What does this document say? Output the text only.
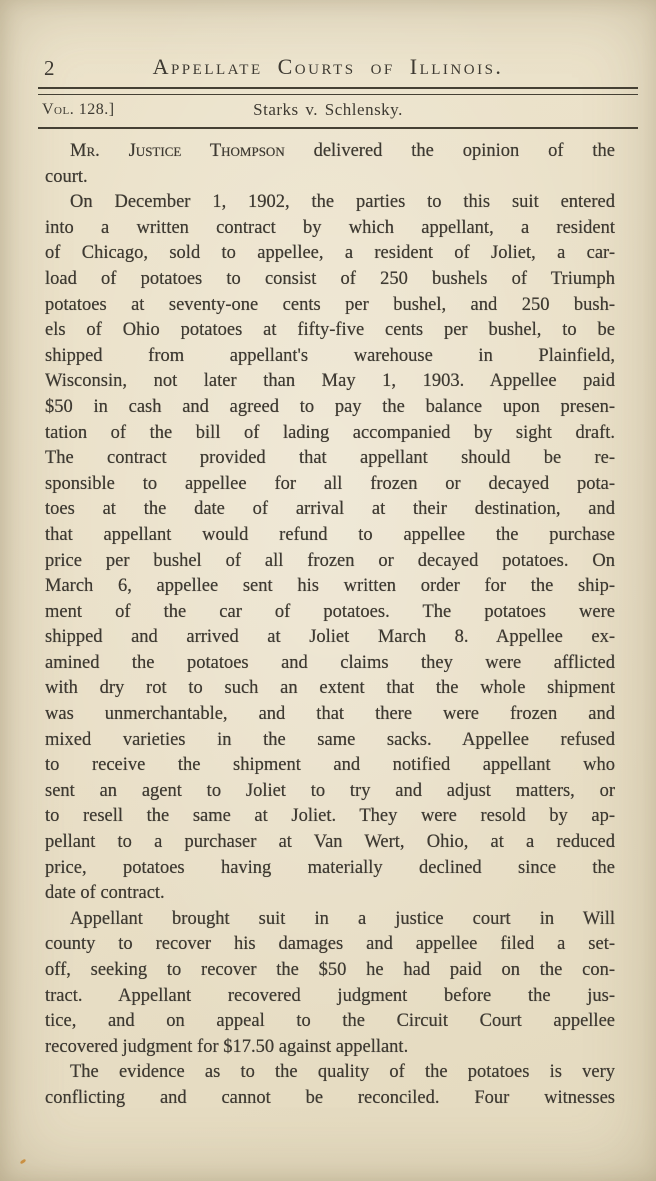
2	Appellate Courts of Illinois.
Vol. 128.]	Starks v. Schlensky.
Mr. Justice Thompson delivered the opinion of the
court.
On December 1, 1902, the parties to this suit entered
into a written contract by which appellant, a resident
of Chicago, sold to appellee, a resident of Joliet, a car-
load of potatoes to consist of 250 bushels of Triumph
potatoes at seventy-one cents per bushel, and 250 bush-
els of Ohio potatoes at fifty-five cents per bushel, to be
shipped from appellant's warehouse in Plainfield,
Wisconsin, not later than May 1, 1903. Appellee paid
$50 in cash and agreed to pay the balance upon presen-
tation of the bill of lading accompanied by sight draft.
The contract provided that appellant should be re-
sponsible to appellee for all frozen or decayed pota-
toes at the date of arrival at their destination, and
that appellant would refund to appellee the purchase
price per bushel of all frozen or decayed potatoes. On
March 6, appellee sent his written order for the ship-
ment of the car of potatoes. The potatoes were
shipped and arrived at Joliet March 8. Appellee ex-
amined the potatoes and claims they were afflicted
with dry rot to such an extent that the whole shipment
was unmerchantable, and that there were frozen and
mixed varieties in the same sacks. Appellee refused
to receive the shipment and notified appellant who
sent an agent to Joliet to try and adjust matters, or
to resell the same at Joliet. They were resold by ap-
pellant to a purchaser at Van Wert, Ohio, at a reduced
price, potatoes having materially declined since the
date of contract.
Appellant brought suit in a justice court in Will
county to recover his damages and appellee filed a set-
off, seeking to recover the $50 he had paid on the con-
tract. Appellant recovered judgment before the jus-
tice, and on appeal to the Circuit Court appellee
recovered judgment for $17.50 against appellant.
The evidence as to the quality of the potatoes is very
conflicting and cannot be reconciled. Four witnesses
